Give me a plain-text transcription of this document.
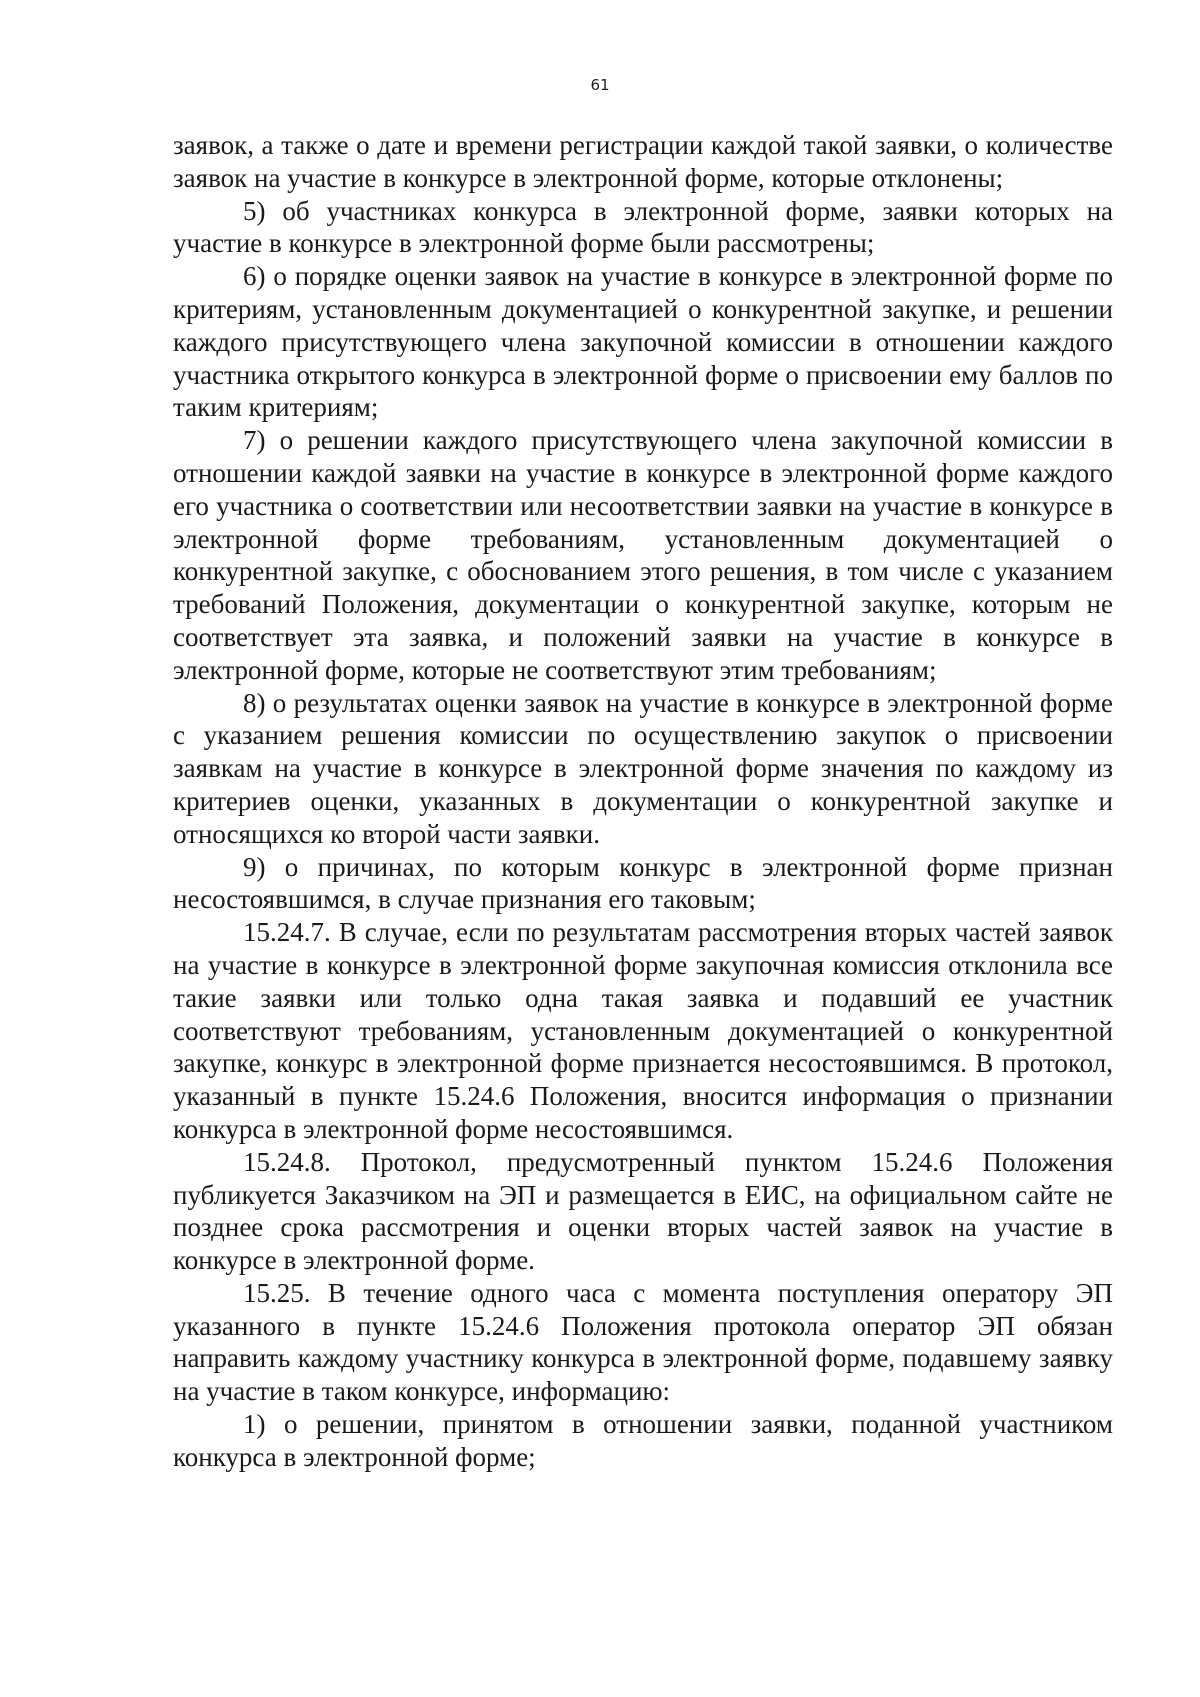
61

заявок, а также о дате и времени регистрации каждой такой заявки, о количестве заявок на участие в конкурсе в электронной форме, которые отклонены;

5) об участниках конкурса в электронной форме, заявки которых на участие в конкурсе в электронной форме были рассмотрены;

6) о порядке оценки заявок на участие в конкурсе в электронной форме по критериям, установленным документацией о конкурентной закупке, и решении каждого присутствующего члена закупочной комиссии в отношении каждого участника открытого конкурса в электронной форме о присвоении ему баллов по таким критериям;

7) о решении каждого присутствующего члена закупочной комиссии в отношении каждой заявки на участие в конкурсе в электронной форме каждого его участника о соответствии или несоответствии заявки на участие в конкурсе в электронной форме требованиям, установленным документацией о конкурентной закупке, с обоснованием этого решения, в том числе с указанием требований Положения, документации о конкурентной закупке, которым не соответствует эта заявка, и положений заявки на участие в конкурсе в электронной форме, которые не соответствуют этим требованиям;

8) о результатах оценки заявок на участие в конкурсе в электронной форме с указанием решения комиссии по осуществлению закупок о присвоении заявкам на участие в конкурсе в электронной форме значения по каждому из критериев оценки, указанных в документации о конкурентной закупке и относящихся ко второй части заявки.

9) о причинах, по которым конкурс в электронной форме признан несостоявшимся, в случае признания его таковым;

15.24.7. В случае, если по результатам рассмотрения вторых частей заявок на участие в конкурсе в электронной форме закупочная комиссия отклонила все такие заявки или только одна такая заявка и подавший ее участник соответствуют требованиям, установленным документацией о конкурентной закупке, конкурс в электронной форме признается несостоявшимся. В протокол, указанный в пункте 15.24.6 Положения, вносится информация о признании конкурса в электронной форме несостоявшимся.

15.24.8. Протокол, предусмотренный пунктом 15.24.6 Положения публикуется Заказчиком на ЭП и размещается в ЕИС, на официальном сайте не позднее срока рассмотрения и оценки вторых частей заявок на участие в конкурсе в электронной форме.

15.25. В течение одного часа с момента поступления оператору ЭП указанного в пункте 15.24.6 Положения протокола оператор ЭП обязан направить каждому участнику конкурса в электронной форме, подавшему заявку на участие в таком конкурсе, информацию:

1) о решении, принятом в отношении заявки, поданной участником конкурса в электронной форме;
